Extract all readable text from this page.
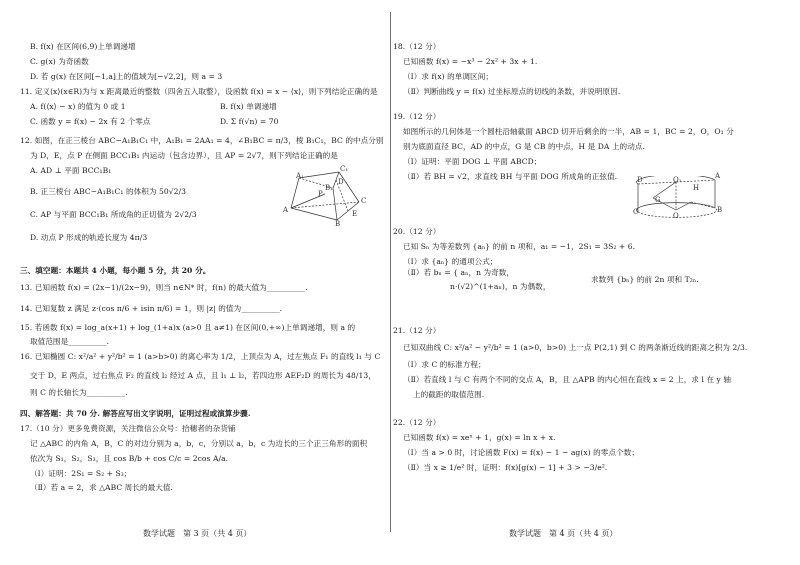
B. f(x) 在区间(6,9)上单调递增
C. g(x) 为奇函数
D. 若 g(x) 在区间[−1,a]上的值域为[−√2,2]，则 a = 3
11. 定义⟨x⟩(x∈R)为与 x 距离最近的整数（四舍五入取整），设函数 f(x) = x − ⟨x⟩，则下列结论正确的是
A. f(⟨x⟩ − x) 的值为 0 或 1	B. f(x) 单调递增
C. 函数 y = f(x) − 2x 有 2 个零点	D. Σ f(√n) = 70
12. 如图，在正三棱台 ABC−A₁B₁C₁ 中，A₁B₁ = 2AA₁ = 4，∠B₁BC = π/3，棱 B₁C₁，BC 的中点分别
为 D，E，点 P 在侧面 BCC₁B₁ 内运动（包含边界），且 AP = 2√7，则下列结论正确的是
A. AD ⊥ 平面 BCC₁B₁
B. 正三棱台 ABC−A₁B₁C₁ 的体积为 50√2/3
C. AP 与平面 BCC₁B₁ 所成角的正切值为 2√2/3
D. 动点 P 形成的轨迹长度为 4π/3
A₁
C₁
B₁
D
P
A
C
E
B
三、填空题：本题共 4 小题，每小题 5 分，共 20 分。
13. 已知函数 f(x) = (2x−1)/(2x−9)，则当 n∈N* 时，f(n) 的最大值为__________.
14. 已知复数 z 满足 z·(cos π/6 + isin π/6) = 1，则 |z| 的值为__________.
15. 若函数 f(x) = log_a(x+1) + log_(1+a)x (a>0 且 a≠1) 在区间(0,+∞)上单调递增，则 a 的
取值范围是__________.
16. 已知椭圆 C: x²/a² + y²/b² = 1 (a>b>0) 的离心率为 1/2，上顶点为 A，过左焦点 F₁ 的直线 l₁ 与 C
交于 D，E 两点，过右焦点 F₂ 的直线 l₂ 经过 A 点，且 l₁ ⊥ l₂，若四边形 AEF₂D 的周长为 48/13，
则 C 的长轴长为__________.
四、解答题：共 70 分. 解答应写出文字说明，证明过程或演算步骤.
17.（10 分）更多免费资源，关注微信公众号：拾穗者的杂货铺
记 △ABC 的内角 A，B，C 的对边分别为 a，b，c，分别以 a，b，c 为边长的三个正三角形的面积
依次为 S₁，S₂，S₃，且 cos B/b + cos C/c = 2cos A/a.
（Ⅰ）证明：2S₁ = S₂ + S₃；
（Ⅱ）若 a = 2，求 △ABC 周长的最大值.
数学试题　第 3 页（共 4 页）
18.（12 分）
已知函数 f(x) = −x³ − 2x² + 3x + 1.
（Ⅰ）求 f(x) 的单调区间；
（Ⅱ）判断曲线 y = f(x) 过坐标原点的切线的条数，并说明原因.
19.（12 分）
如图所示的几何体是一个圆柱沿轴截面 ABCD 切开后剩余的一半，AB = 1，BC = 2，O，O₁ 分
别为底面直径 BC，AD 的中点，G 是 CB 的中点，H 是 DA 上的动点.
（Ⅰ）证明：平面 DOG ⊥ 平面 ABCD；
（Ⅱ）若 BH = √2，求直线 BH 与平面 DOG 所成角的正弦值.	D	O₁	A
H
C
G
O
B
20.（12 分）
已知 Sₙ 为等差数列 {aₙ} 的前 n 项和，a₁ = −1，2S₁ = 3S₂ + 6.
（Ⅰ）求 {aₙ} 的通项公式；
（Ⅱ）若 bₙ = { aₙ，n 为奇数，
n·(√2)^(1+aₙ)，n 为偶数，
求数列 {bₙ} 的前 2n 项和 T₂ₙ.
21.（12 分）
已知双曲线 C: x²/a² − y²/b² = 1 (a>0，b>0) 上一点 P(2,1) 到 C 的两条渐近线的距离之积为 2/3.
（Ⅰ）求 C 的标准方程；
（Ⅱ）若直线 l 与 C 有两个不同的交点 A，B，且 △APB 的内心恒在直线 x = 2 上，求 l 在 y 轴
上的截距的取值范围.
22.（12 分）
已知函数 f(x) = xeˣ + 1，g(x) = ln x + x.
（Ⅰ）当 a > 0 时，讨论函数 F(x) = f(x) − 1 − ag(x) 的零点个数；
（Ⅱ）当 x ≥ 1/e² 时，证明：f(x)[g(x) − 1] + 3 > −3/e².
数学试题　第 4 页（共 4 页）
